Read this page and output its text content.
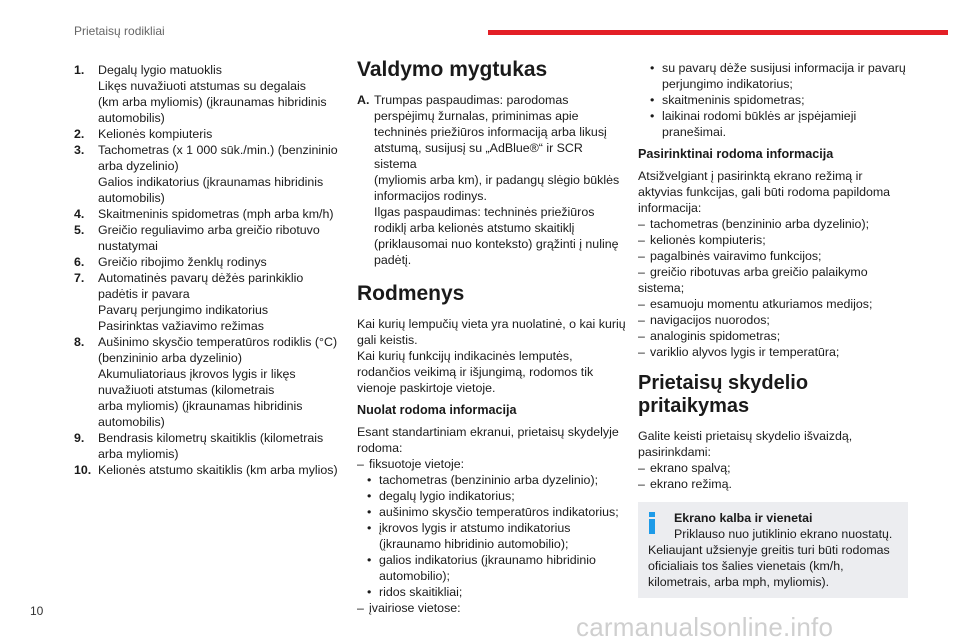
Prietaisų rodikliai
1.	Degalų lygio matuoklis
Likęs nuvažiuoti atstumas su degalais
(km arba myliomis) (įkraunamas hibridinis
automobilis)
2.	Kelionės kompiuteris
3.	Tachometras (x 1 000 sūk./min.) (benzininio
arba dyzelinio)
Galios indikatorius (įkraunamas hibridinis
automobilis)
4.	Skaitmeninis spidometras (mph arba km/h)
5.	Greičio reguliavimo arba greičio ribotuvo
nustatymai
6.	Greičio ribojimo ženklų rodinys
7.	Automatinės pavarų dėžės parinkiklio
padėtis ir pavara
Pavarų perjungimo indikatorius
Pasirinktas važiavimo režimas
8.	Aušinimo skysčio temperatūros rodiklis (°C)
(benzininio arba dyzelinio)
Akumuliatoriaus įkrovos lygis ir likęs
nuvažiuoti atstumas (kilometrais
arba myliomis) (įkraunamas hibridinis
automobilis)
9.	Bendrasis kilometrų skaitiklis (kilometrais
arba myliomis)
10. Kelionės atstumo skaitiklis (km arba mylios)
Valdymo mygtukas
A. Trumpas paspaudimas: parodomas
perspėjimų žurnalas, priminimas apie
techninės priežiūros informaciją arba likusį
atstumą, susijusį su „AdBlue®“ ir SCR sistema
(myliomis arba km), ir padangų slėgio būklės
informacijos rodinys.
Ilgas paspaudimas: techninės priežiūros
rodiklį arba kelionės atstumo skaitiklį
(priklausomai nuo konteksto) grąžinti į nulinę
padėtį.
Rodmenys

Kai kurių lempučių vieta yra nuolatinė, o kai kurių
gali keistis.
Kai kurių funkcijų indikacinės lemputės,
rodančios veikimą ir išjungimą, rodomos tik
vienoje paskirtoje vietoje.

Nuolat rodoma informacija

Esant standartiniam ekranui, prietaisų skydelyje
rodoma:

– fiksuotoje vietoje:
• tachometras (benzininio arba dyzelinio);
• degalų lygio indikatorius;
• aušinimo skysčio temperatūros indikatorius;
• įkrovos lygis ir atstumo indikatorius
(įkraunamo hibridinio automobilio);
• galios indikatorius (įkraunamo hibridinio
automobilio);
• ridos skaitikliai;
– įvairiose vietose:
• su pavarų dėže susijusi informacija ir pavarų
perjungimo indikatorius;
• skaitmeninis spidometras;
• laikinai rodomi būklės ar įspėjamieji
pranešimai.
Pasirinktinai rodoma informacija

Atsižvelgiant į pasirinktą ekrano režimą ir
aktyvias funkcijas, gali būti rodoma papildoma
informacija:

– tachometras (benzininio arba dyzelinio);
– kelionės kompiuteris;
– pagalbinės vairavimo funkcijos;
– greičio ribotuvas arba greičio palaikymo
sistema;
– esamuoju momentu atkuriamos medijos;
– navigacijos nuorodos;
– analoginis spidometras;
– variklio alyvos lygis ir temperatūra;
Prietaisų skydelio
pritaikymas

Galite keisti prietaisų skydelio išvaizdą,
pasirinkdami:

– ekrano spalvą;
– ekrano režimą.
Ekrano kalba ir vienetai
Priklauso nuo jutiklinio ekrano nuostatų.
Keliaujant užsienyje greitis turi būti rodomas
oficialiais tos šalies vienetais (km/h,
kilometrais, arba mph, myliomis).
10
carmanualsonline.info
